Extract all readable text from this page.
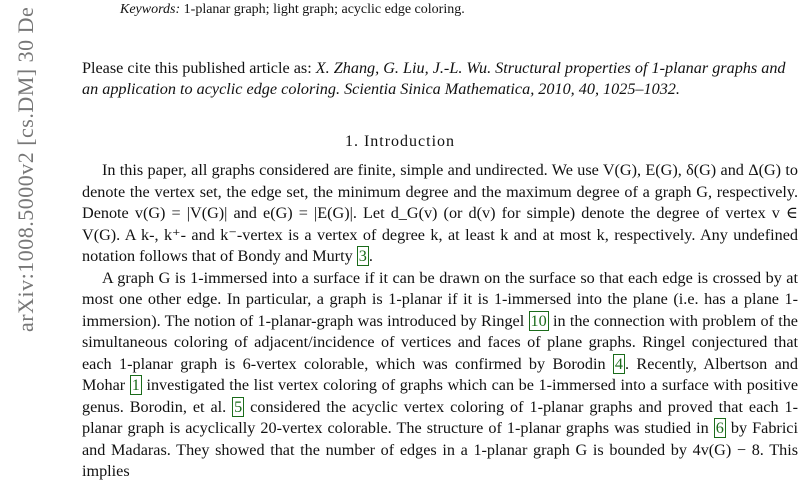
arXiv:1008.5000v2 [cs.DM] 30 De	Keywords: 1-planar graph; light graph; acyclic edge coloring.
Please cite this published article as: X. Zhang, G. Liu, J.-L. Wu. Structural properties of 1-planar graphs and an application to acyclic edge coloring. Scientia Sinica Mathematica, 2010, 40, 1025–1032.
1. Introduction

In this paper, all graphs considered are finite, simple and undirected. We use V(G), E(G), δ(G) and Δ(G) to denote the vertex set, the edge set, the minimum degree and the maximum degree of a graph G, respectively. Denote v(G) = |V(G)| and e(G) = |E(G)|. Let d_G(v) (or d(v) for simple) denote the degree of vertex v ∈ V(G). A k-, k⁺- and k⁻-vertex is a vertex of degree k, at least k and at most k, respectively. Any undefined notation follows that of Bondy and Murty 3 .

A graph G is 1-immersed into a surface if it can be drawn on the surface so that each edge is crossed by at most one other edge. In particular, a graph is 1-planar if it is 1-immersed into the plane (i.e. has a plane 1-immersion). The notion of 1-planar-graph was introduced by Ringel 10 in the connection with problem of the simultaneous coloring of adjacent/incidence of vertices and faces of plane graphs. Ringel conjectured that each 1-planar graph is 6-vertex colorable, which was confirmed by Borodin 4 . Recently, Albertson and Mohar 1 investigated the list vertex coloring of graphs which can be 1-immersed into a surface with positive genus. Borodin, et al. 5 considered the acyclic vertex coloring of 1-planar graphs and proved that each 1-planar graph is acyclically 20-vertex colorable. The structure of 1-planar graphs was studied in 6 by Fabrici and Madaras. They showed that the number of edges in a 1-planar graph G is bounded by 4v(G) − 8. This implies
